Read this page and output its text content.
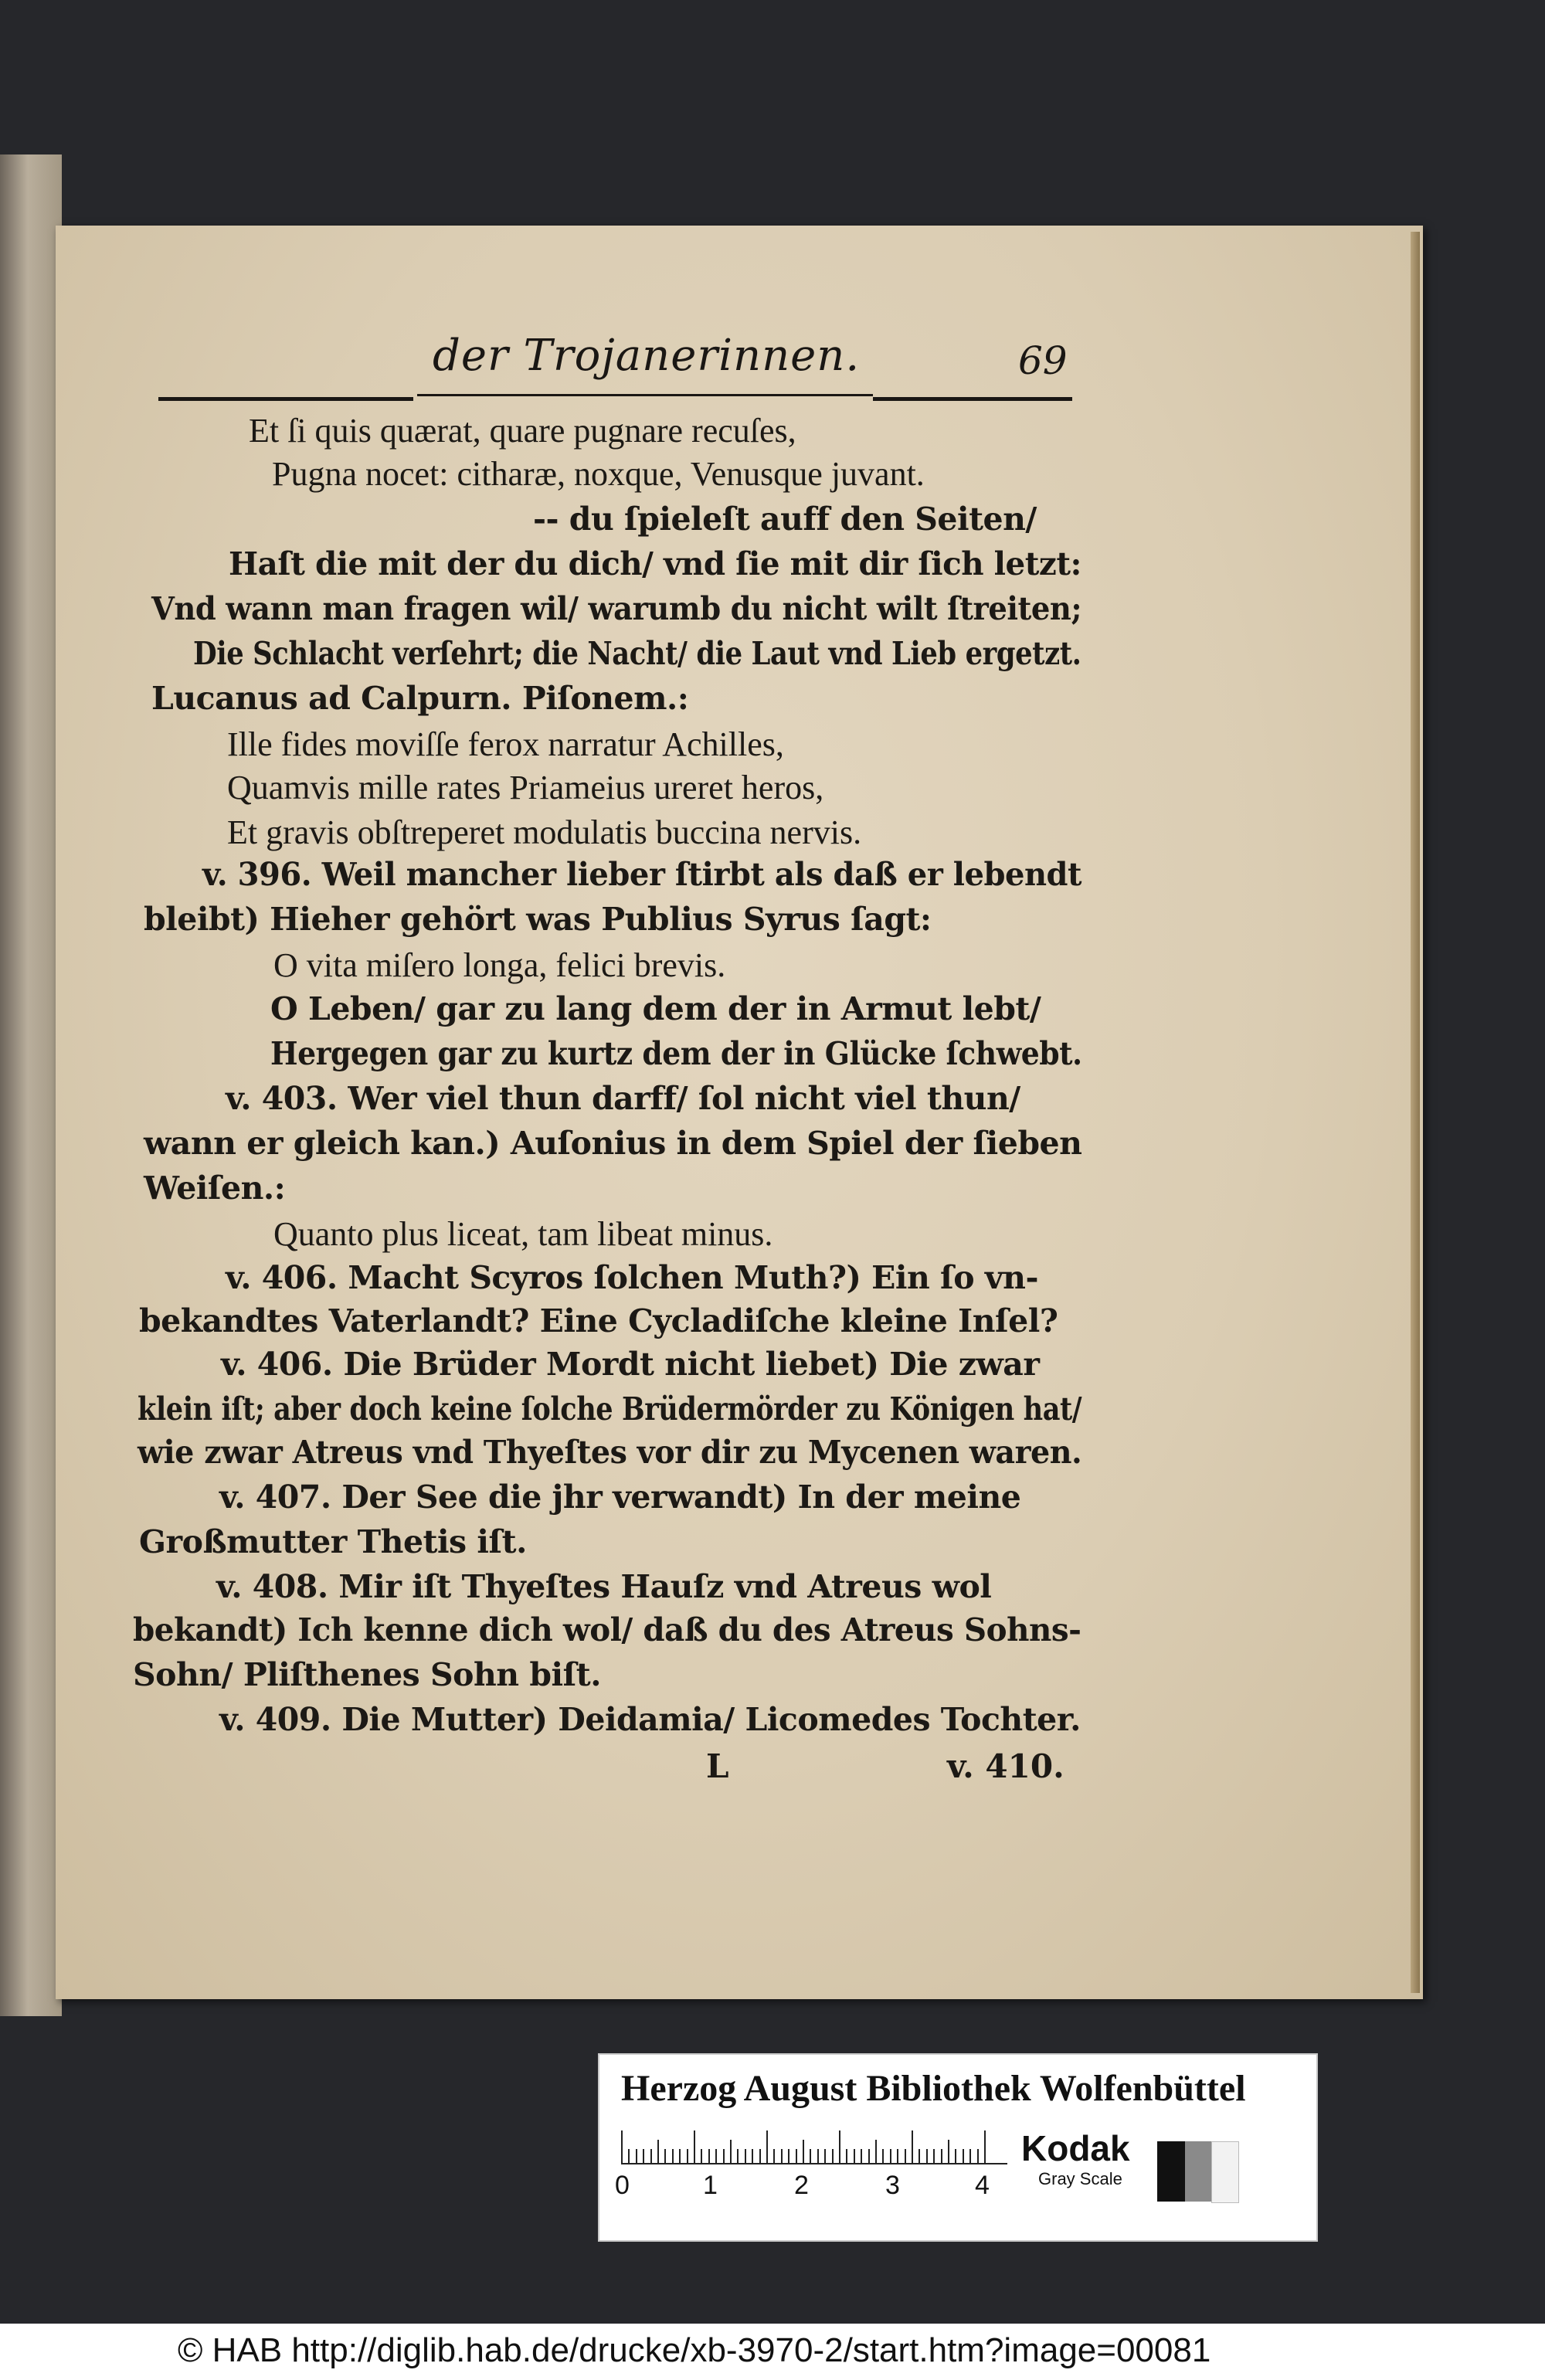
der Trojanerinnen.	69
Et ſi quis quærat, quare pugnare recuſes,
Pugna nocet: citharæ, noxque, Venusque juvant.
-- du ſpieleſt auff den Seiten/
Haſt die mit der du dich/ vnd ſie mit dir ſich letzt:
Vnd wann man fragen wil/ warumb du nicht wilt ſtreiten;
Die Schlacht verſehrt; die Nacht/ die Laut vnd Lieb ergetzt.
Lucanus ad Calpurn. Piſonem.:
Ille fides moviſſe ferox narratur Achilles,
Quamvis mille rates Priameius ureret heros,
Et gravis obſtreperet modulatis buccina nervis.
v. 396. Weil mancher lieber ſtirbt als daß er lebendt
bleibt) Hieher gehört was Publius Syrus ſagt:
O vita miſero longa, felici brevis.
O Leben/ gar zu lang dem der in Armut lebt/
Hergegen gar zu kurtz dem der in Glücke ſchwebt.
v. 403. Wer viel thun darff/ ſol nicht viel thun/
wann er gleich kan.) Auſonius in dem Spiel der ſieben
Weiſen.:
Quanto plus liceat, tam libeat minus.
v. 406. Macht Scyros ſolchen Muth?) Ein ſo vn-
bekandtes Vaterlandt? Eine Cycladiſche kleine Inſel?
v. 406. Die Brüder Mordt nicht liebet) Die zwar
klein iſt; aber doch keine ſolche Brüdermörder zu Königen hat/
wie zwar Atreus vnd Thyeſtes vor dir zu Mycenen waren.
v. 407. Der See die jhr verwandt) In der meine
Großmutter Thetis iſt.
v. 408. Mir iſt Thyeſtes Hauſz vnd Atreus wol
bekandt) Ich kenne dich wol/ daß du des Atreus Sohns-
Sohn/ Pliſthenes Sohn biſt.
v. 409. Die Mutter) Deidamia/ Licomedes Tochter.
L	v. 410.
Herzog August Bibliothek Wolfenbüttel
0	1	2	3	4
Kodak
Gray Scale
© HAB http://diglib.hab.de/drucke/xb-3970-2/start.htm?image=00081
